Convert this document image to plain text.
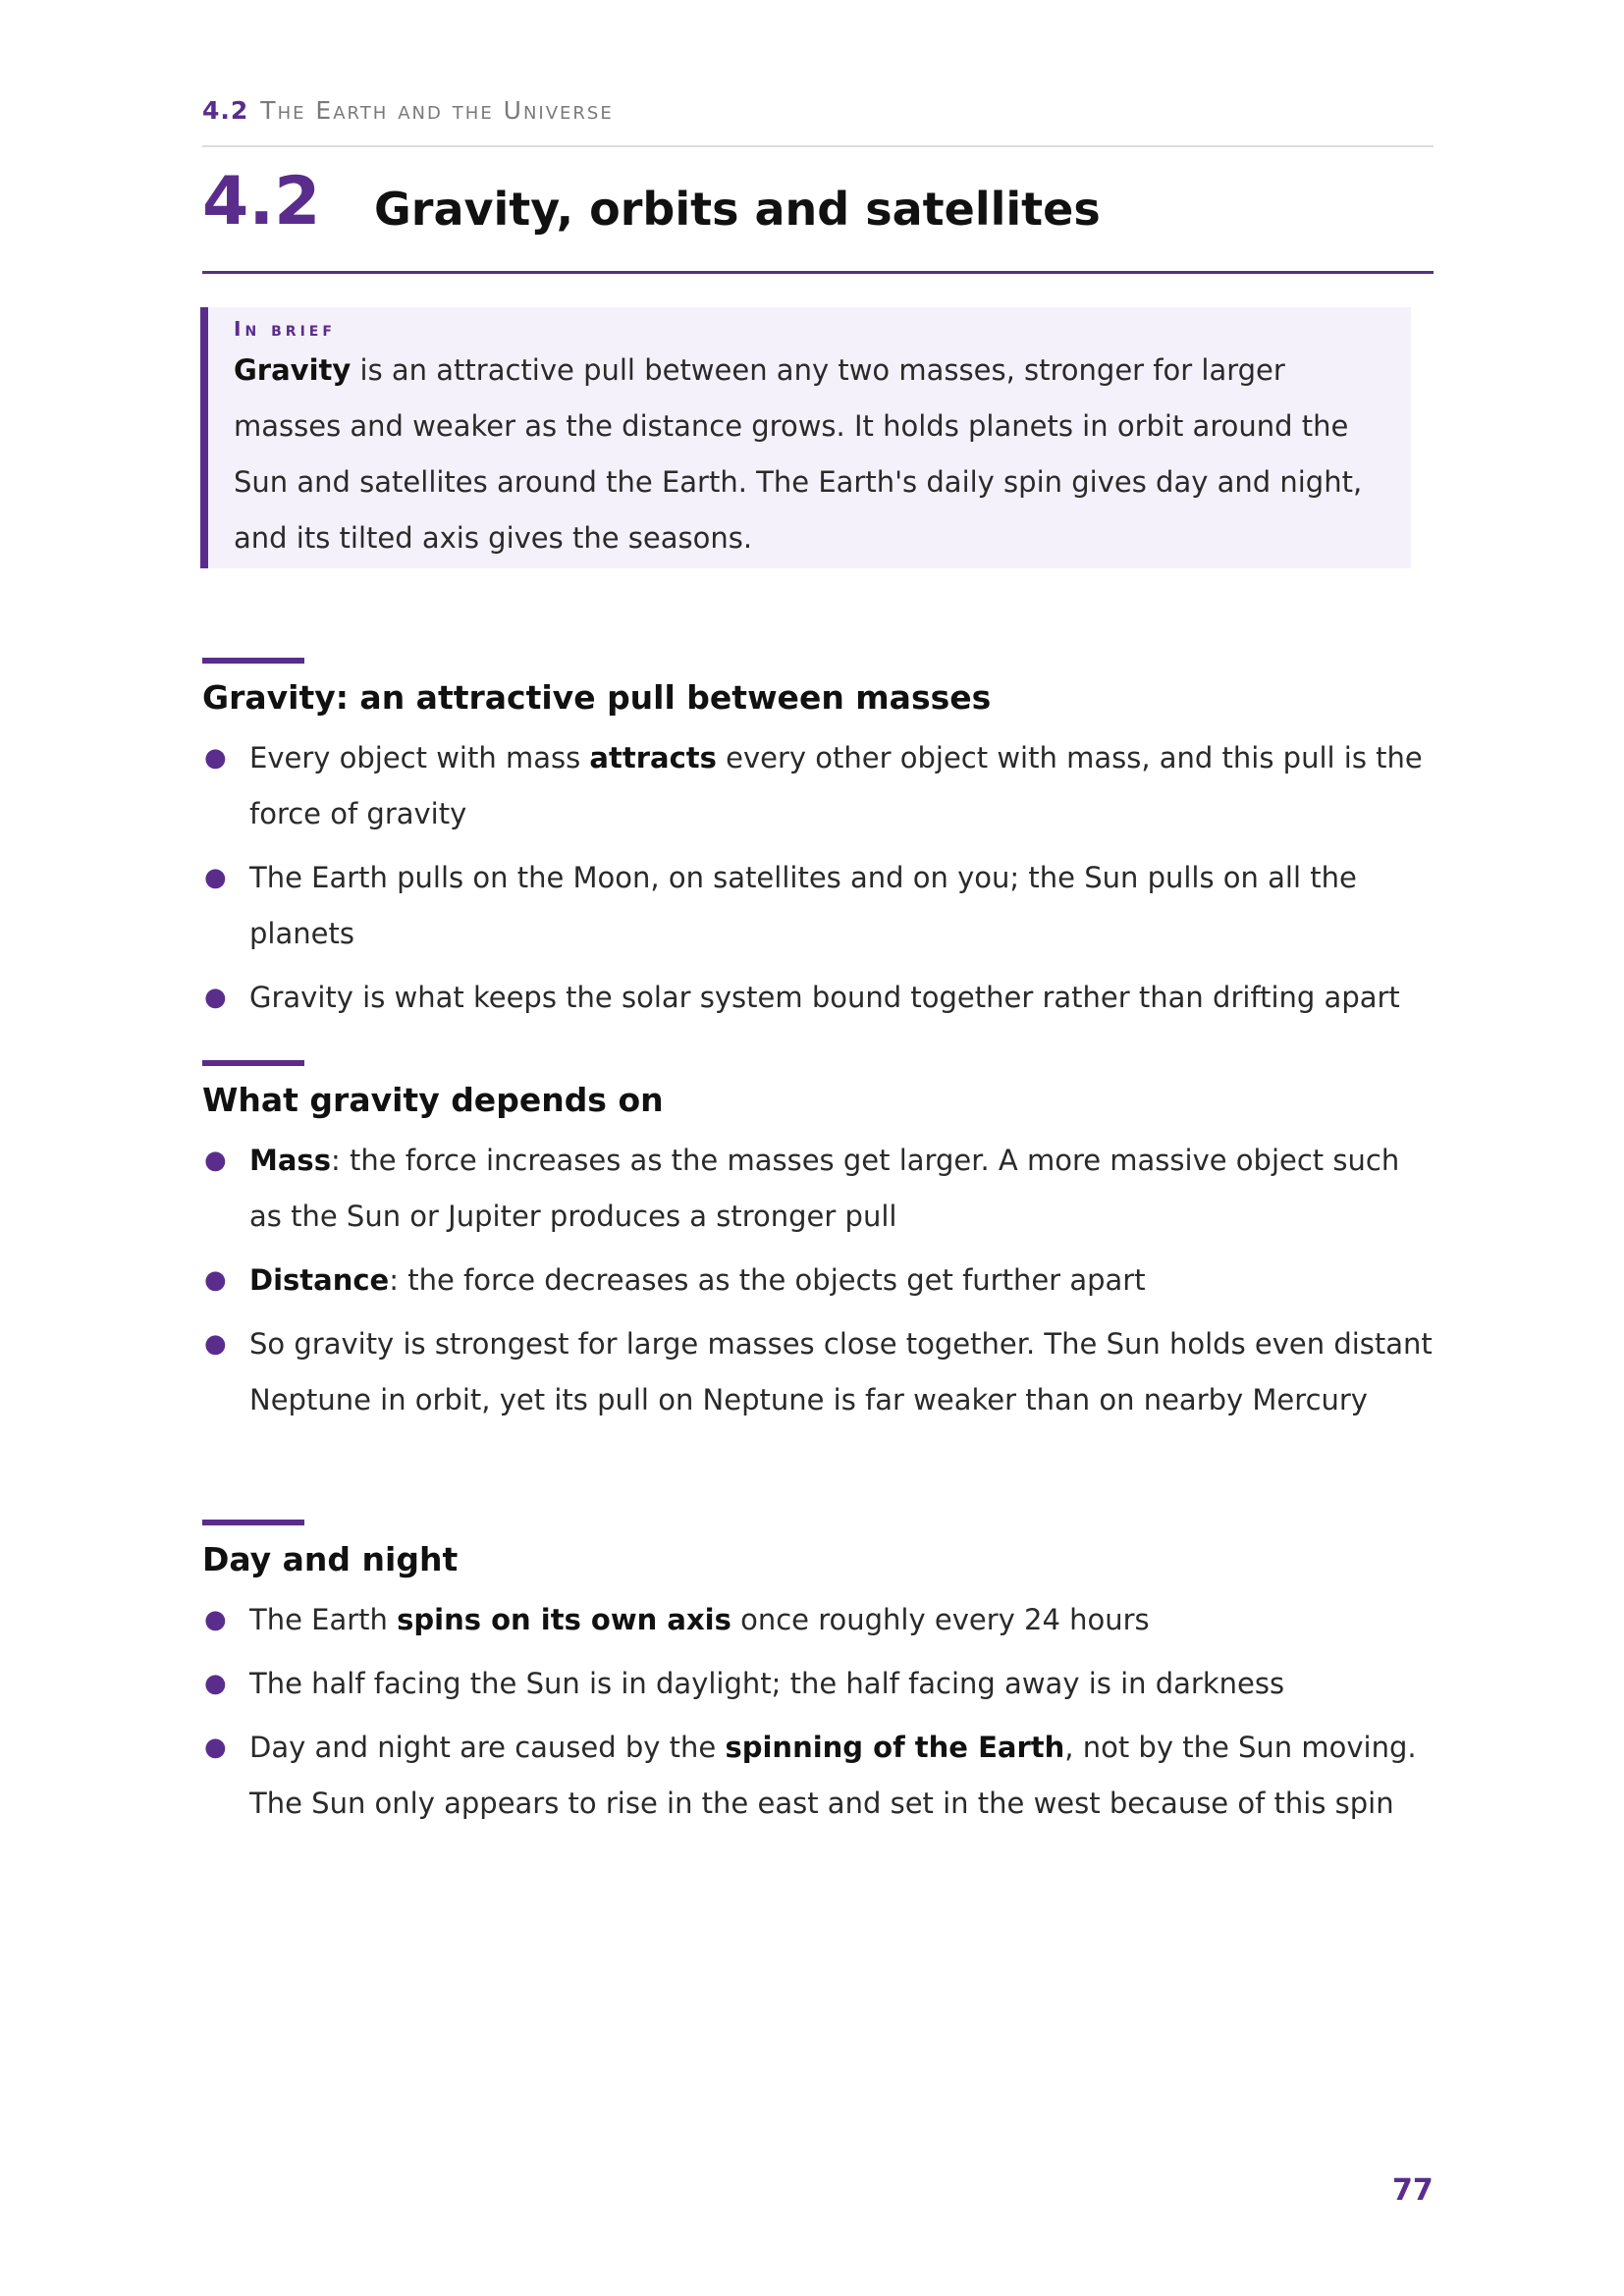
4.2 The Earth and the Universe
4.2 Gravity, orbits and satellites
In brief
Gravity is an attractive pull between any two masses, stronger for larger masses and weaker as the distance grows. It holds planets in orbit around the Sun and satellites around the Earth. The Earth's daily spin gives day and night, and its tilted axis gives the seasons.
Gravity: an attractive pull between masses
● Every object with mass attracts every other object with mass, and this pull is the force of gravity
● The Earth pulls on the Moon, on satellites and on you; the Sun pulls on all the planets
● Gravity is what keeps the solar system bound together rather than drifting apart
What gravity depends on
● Mass: the force increases as the masses get larger. A more massive object such as the Sun or Jupiter produces a stronger pull
● Distance: the force decreases as the objects get further apart
● So gravity is strongest for large masses close together. The Sun holds even distant Neptune in orbit, yet its pull on Neptune is far weaker than on nearby Mercury
Day and night
● The Earth spins on its own axis once roughly every 24 hours
● The half facing the Sun is in daylight; the half facing away is in darkness
● Day and night are caused by the spinning of the Earth, not by the Sun moving. The Sun only appears to rise in the east and set in the west because of this spin
77
